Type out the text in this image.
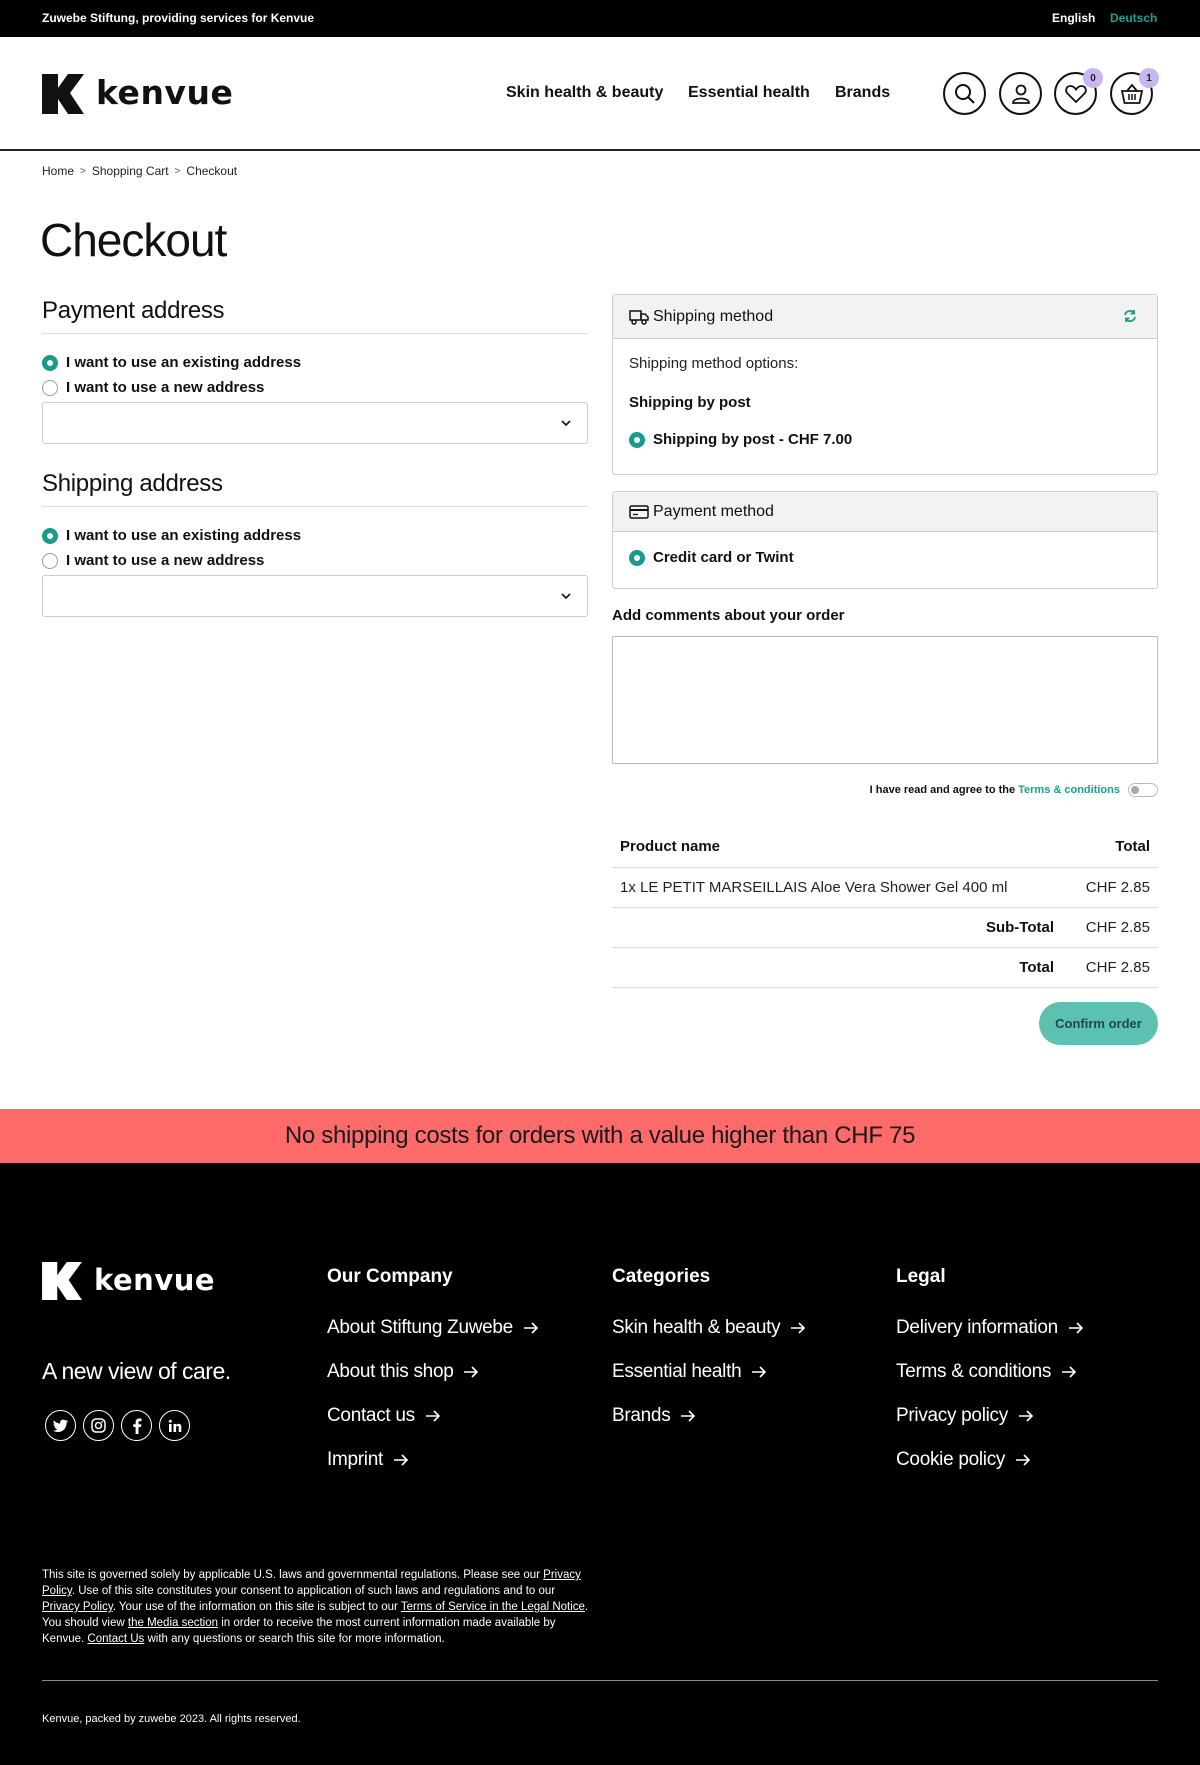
Zuwebe Stiftung, providing services for Kenvue	English Deutsch
kenvue	Skin health & beauty Essential health Brands
0	1
Home > Shopping Cart > Checkout
Checkout
Payment address
I want to use an existing address
I want to use a new address
Shipping address
I want to use an existing address
I want to use a new address
Shipping method
Shipping method options:
Shipping by post
Shipping by post - CHF 7.00
Payment method
Credit card or Twint
Add comments about your order
I have read and agree to the Terms & conditions
Product name	Total
1x LE PETIT MARSEILLAIS Aloe Vera Shower Gel 400 ml	CHF 2.85
Sub-Total	CHF 2.85
Total	CHF 2.85
Confirm order
No shipping costs for orders with a value higher than CHF 75
kenvue
A new view of care.
Our Company
About Stiftung Zuwebe
About this shop
Contact us
Imprint
Categories
Skin health & beauty
Essential health
Brands
Legal
Delivery information
Terms & conditions
Privacy policy
Cookie policy

This site is governed solely by applicable U.S. laws and governmental regulations. Please see our Privacy Policy. Use of this site constitutes your consent to application of such laws and regulations and to our Privacy Policy. Your use of the information on this site is subject to our Terms of Service in the Legal Notice. You should view the Media section in order to receive the most current information made available by Kenvue. Contact Us with any questions or search this site for more information.

Kenvue, packed by zuwebe 2023. All rights reserved.
